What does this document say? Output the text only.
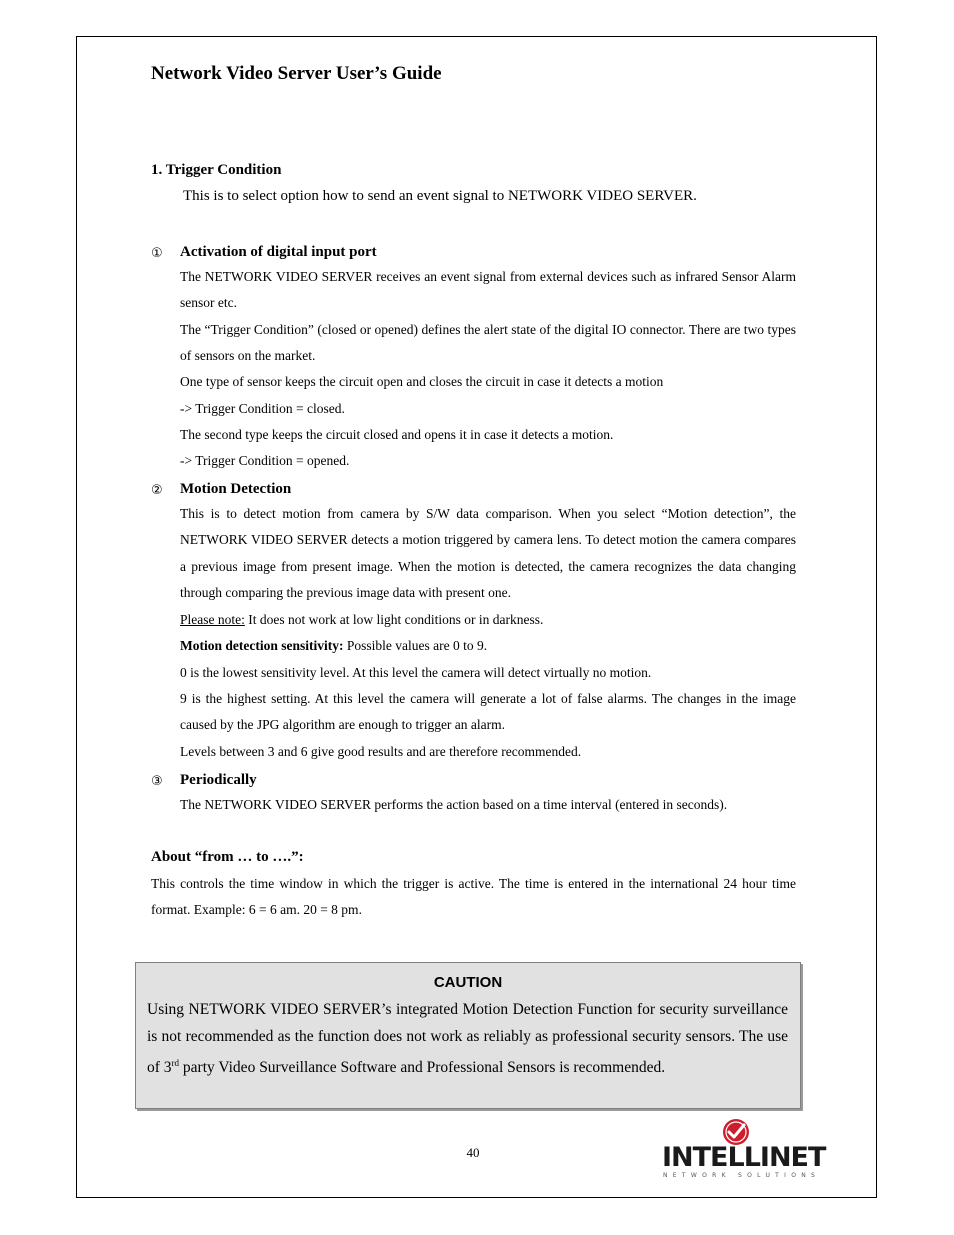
Network Video Server User’s Guide
1. Trigger Condition
This is to select option how to send an event signal to NETWORK VIDEO SERVER.
① Activation of digital input port
The NETWORK VIDEO SERVER receives an event signal from external devices such as infrared Sensor Alarm sensor etc.
The “Trigger Condition” (closed or opened) defines the alert state of the digital IO connector. There are two types of sensors on the market.
One type of sensor keeps the circuit open and closes the circuit in case it detects a motion
-> Trigger Condition = closed.
The second type keeps the circuit closed and opens it in case it detects a motion.
-> Trigger Condition = opened.
② Motion Detection
This is to detect motion from camera by S/W data comparison. When you select “Motion detection”, the NETWORK VIDEO SERVER detects a motion triggered by camera lens. To detect motion the camera compares a previous image from present image. When the motion is detected, the camera recognizes the data changing through comparing the previous image data with present one.
Please note: It does not work at low light conditions or in darkness.
Motion detection sensitivity: Possible values are 0 to 9.
0 is the lowest sensitivity level. At this level the camera will detect virtually no motion.
9 is the highest setting. At this level the camera will generate a lot of false alarms. The changes in the image caused by the JPG algorithm are enough to trigger an alarm.
Levels between 3 and 6 give good results and are therefore recommended.
③ Periodically
The NETWORK VIDEO SERVER performs the action based on a time interval (entered in seconds).
About “from … to ….”:
This controls the time window in which the trigger is active. The time is entered in the international 24 hour time format. Example: 6 = 6 am. 20 = 8 pm.
CAUTION
Using NETWORK VIDEO SERVER’s integrated Motion Detection Function for security surveillance is not recommended as the function does not work as reliably as professional security sensors. The use of 3rd party Video Surveillance Software and Professional Sensors is recommended.
40	INTELLINET
NETWORK SOLUTIONS
